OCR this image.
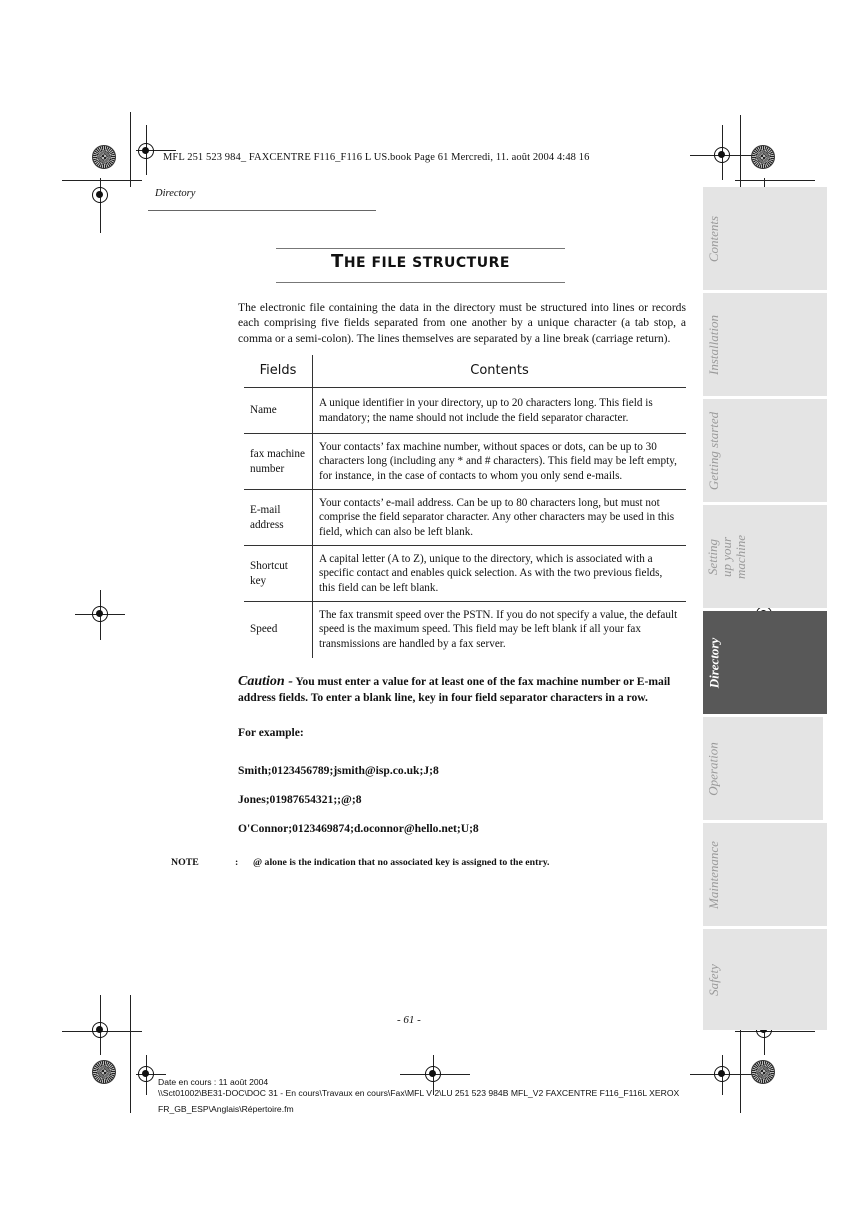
MFL 251 523 984_ FAXCENTRE F116_F116 L US.book Page 61 Mercredi, 11. août 2004 4:48 16
Directory
THE FILE STRUCTURE
The electronic file containing the data in the directory must be structured into lines or records each comprising five fields separated from one another by a unique character (a tab stop, a comma or a semi-colon). The lines themselves are separated by a line break (carriage return).
Fields	Contents
Name	A unique identifier in your directory, up to 20 characters long. This field is mandatory; the name should not include the field separator character.
fax machine number	Your contacts’ fax machine number, without spaces or dots, can be up to 30 characters long (including any * and # characters). This field may be left empty, for instance, in the case of contacts to whom you only send e-mails.
E-mail address	Your contacts’ e-mail address. Can be up to 80 characters long, but must not comprise the field separator character. Any other characters may be used in this field, which can also be left blank.
Shortcut key	A capital letter (A to Z), unique to the directory, which is associated with a specific contact and enables quick selection. As with the two previous fields, this field can be left blank.
Speed	The fax transmit speed over the PSTN. If you do not specify a value, the default speed is the maximum speed. This field may be left blank if all your fax transmissions are handled by a fax server.
Caution - You must enter a value for at least one of the fax machine number or E-mail address fields. To enter a blank line, key in four field separator characters in a row.
For example:
Smith;0123456789;jsmith@isp.co.uk;J;8
Jones;01987654321;;@;8
O'Connor;0123469874;d.oconnor@hello.net;U;8
NOTE	: @ alone is the indication that no associated key is assigned to the entry.
- 61 -
Date en cours : 11 août 2004
\\Sct01002\BE31-DOC\DOC 31 - En cours\Travaux en cours\Fax\MFL V 2\LU 251 523 984B MFL_V2 FAXCENTRE F116_F116L XEROX
FR_GB_ESP\Anglais\Répertoire.fm
Contents
Installation
Getting started
Setting up your machine
Directory
Operation
Maintenance
Safety
